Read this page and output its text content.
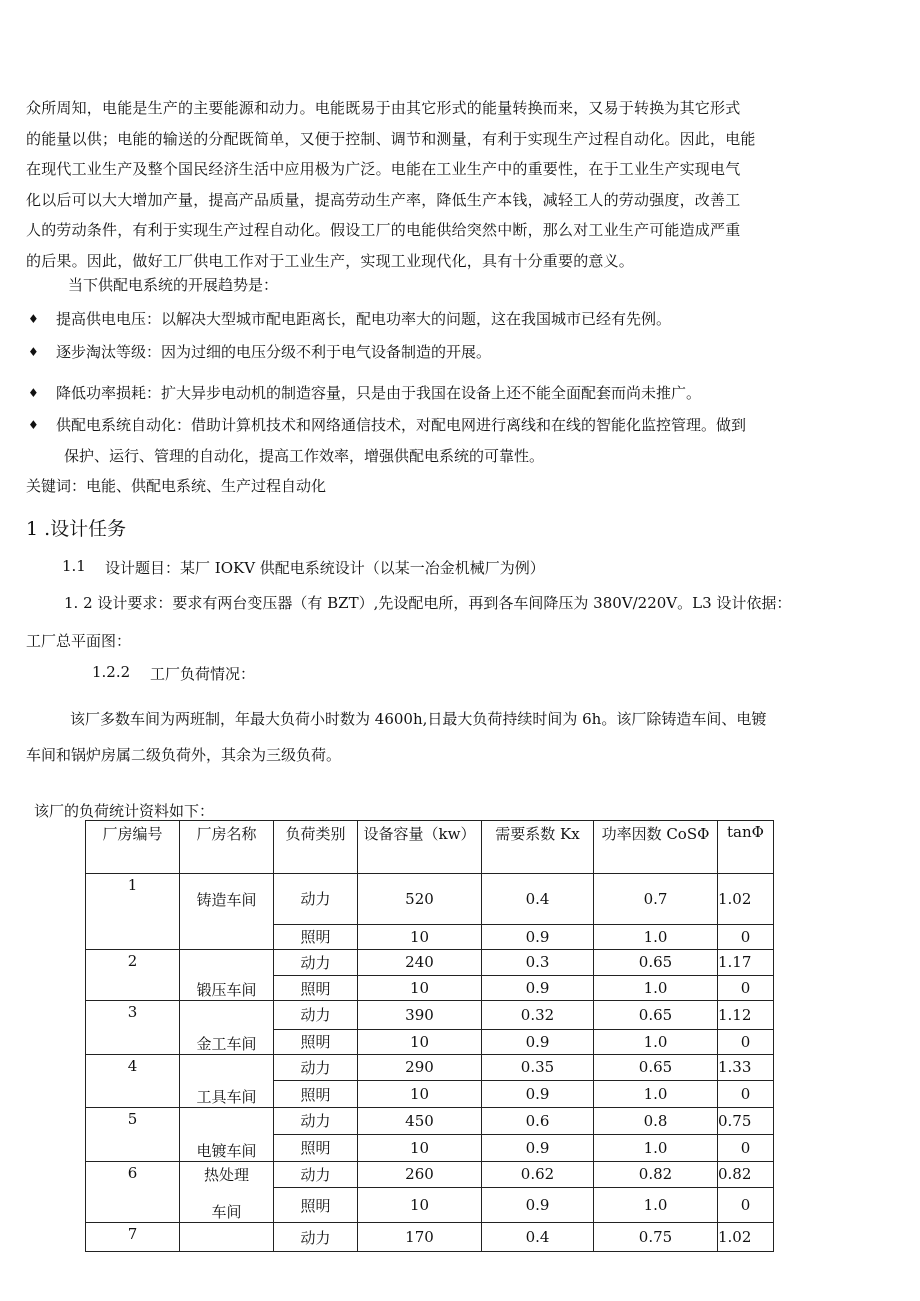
众所周知，电能是生产的主要能源和动力。电能既易于由其它形式的能量转换而来，又易于转换为其它形式
的能量以供；电能的输送的分配既简单，又便于控制、调节和测量，有利于实现生产过程自动化。因此，电能
在现代工业生产及整个国民经济生活中应用极为广泛。电能在工业生产中的重要性，在于工业生产实现电气
化以后可以大大增加产量，提高产品质量，提高劳动生产率，降低生产本钱，减轻工人的劳动强度，改善工
人的劳动条件，有利于实现生产过程自动化。假设工厂的电能供给突然中断，那么对工业生产可能造成严重
的后果。因此，做好工厂供电工作对于工业生产，实现工业现代化，具有十分重要的意义。
当下供配电系统的开展趋势是：
♦ 提高供电电压：以解决大型城市配电距离长，配电功率大的问题，这在我国城市已经有先例。
♦ 逐步淘汰等级：因为过细的电压分级不利于电气设备制造的开展。
♦ 降低功率损耗：扩大异步电动机的制造容量，只是由于我国在设备上还不能全面配套而尚未推广。
♦ 供配电系统自动化：借助计算机技术和网络通信技术，对配电网进行离线和在线的智能化监控管理。做到
保护、运行、管理的自动化，提高工作效率，增强供配电系统的可靠性。
关键词：电能、供配电系统、生产过程自动化
1 .设计任务
1.1 设计题目：某厂 IOKV 供配电系统设计（以某一冶金机械厂为例）
1. 2 设计要求：要求有两台变压器（有 BZT）,先设配电所，再到各车间降压为 380V/220V。L3 设计依据：
工厂总平面图：
1.2.2 工厂负荷情况：
该厂多数车间为两班制，年最大负荷小时数为 4600h,日最大负荷持续时间为 6h。该厂除铸造车间、电镀
车间和锅炉房属二级负荷外，其余为三级负荷。
该厂的负荷统计资料如下：
厂房编号	厂房名称	负荷类别	设备容量（kw）	需要系数 Kx	功率因数 CoSΦ	tanΦ
1	铸造车间	动力	520	0.4	0.7	1.02
		照明	10	0.9	1.0	0
2		动力	240	0.3	0.65	1.17
	锻压车间	照明	10	0.9	1.0	0
3		动力	390	0.32	0.65	1.12
	金工车间	照明	10	0.9	1.0	0
4		动力	290	0.35	0.65	1.33
	工具车间	照明	10	0.9	1.0	0
5		动力	450	0.6	0.8	0.75
	电镀车间	照明	10	0.9	1.0	0
6	热处理	动力	260	0.62	0.82	0.82
	车间	照明	10	0.9	1.0	0
7		动力	170	0.4	0.75	1.02
